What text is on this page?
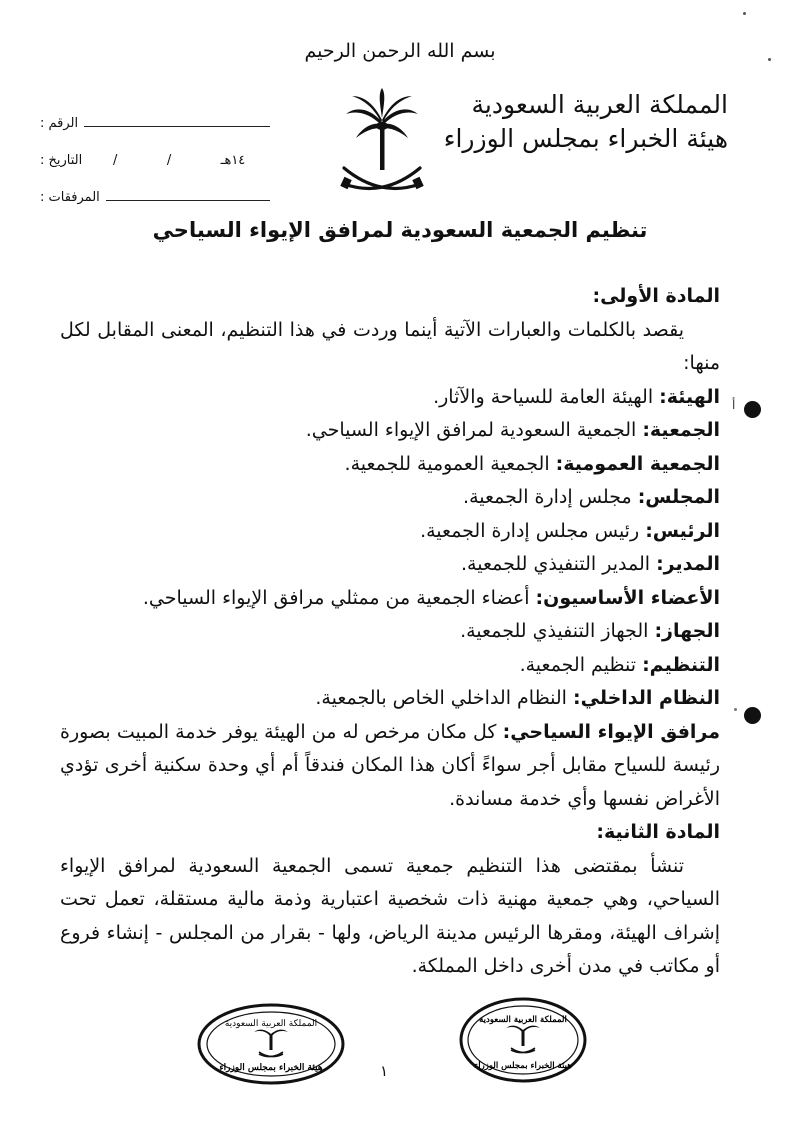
بسم الله الرحمن الرحيم
المملكة العربية السعودية
هيئة الخبراء بمجلس الوزراء
الرقم :
التاريخ : /	/	١٤هـ
المرفقات :
تنظيم الجمعية السعودية لمرافق الإيواء السياحي
المادة الأولى:
يقصد بالكلمات والعبارات الآتية أينما وردت في هذا التنظيم، المعنى المقابل لكل منها:
الهيئة: الهيئة العامة للسياحة والآثار.
الجمعية: الجمعية السعودية لمرافق الإيواء السياحي.
الجمعية العمومية: الجمعية العمومية للجمعية.
المجلس: مجلس إدارة الجمعية.
الرئيس: رئيس مجلس إدارة الجمعية.
المدير: المدير التنفيذي للجمعية.
الأعضاء الأساسيون: أعضاء الجمعية من ممثلي مرافق الإيواء السياحي.
الجهاز: الجهاز التنفيذي للجمعية.
التنظيم: تنظيم الجمعية.
النظام الداخلي: النظام الداخلي الخاص بالجمعية.
مرافق الإيواء السياحي: كل مكان مرخص له من الهيئة يوفر خدمة المبيت بصورة رئيسة للسياح مقابل أجر سواءً أكان هذا المكان فندقاً أم أي وحدة سكنية أخرى تؤدي الأغراض نفسها وأي خدمة مساندة.
المادة الثانية:
تنشأ بمقتضى هذا التنظيم جمعية تسمى الجمعية السعودية لمرافق الإيواء السياحي، وهي جمعية مهنية ذات شخصية اعتبارية وذمة مالية مستقلة، تعمل تحت إشراف الهيئة، ومقرها الرئيس مدينة الرياض، ولها - بقرار من المجلس - إنشاء فروع أو مكاتب في مدن أخرى داخل المملكة.
أ
المملكة العربية السعودية
هيئة الخبراء بمجلس الوزراء
المملكة العربية السعودية
هيئة الخبراء بمجلس الوزراء
١
